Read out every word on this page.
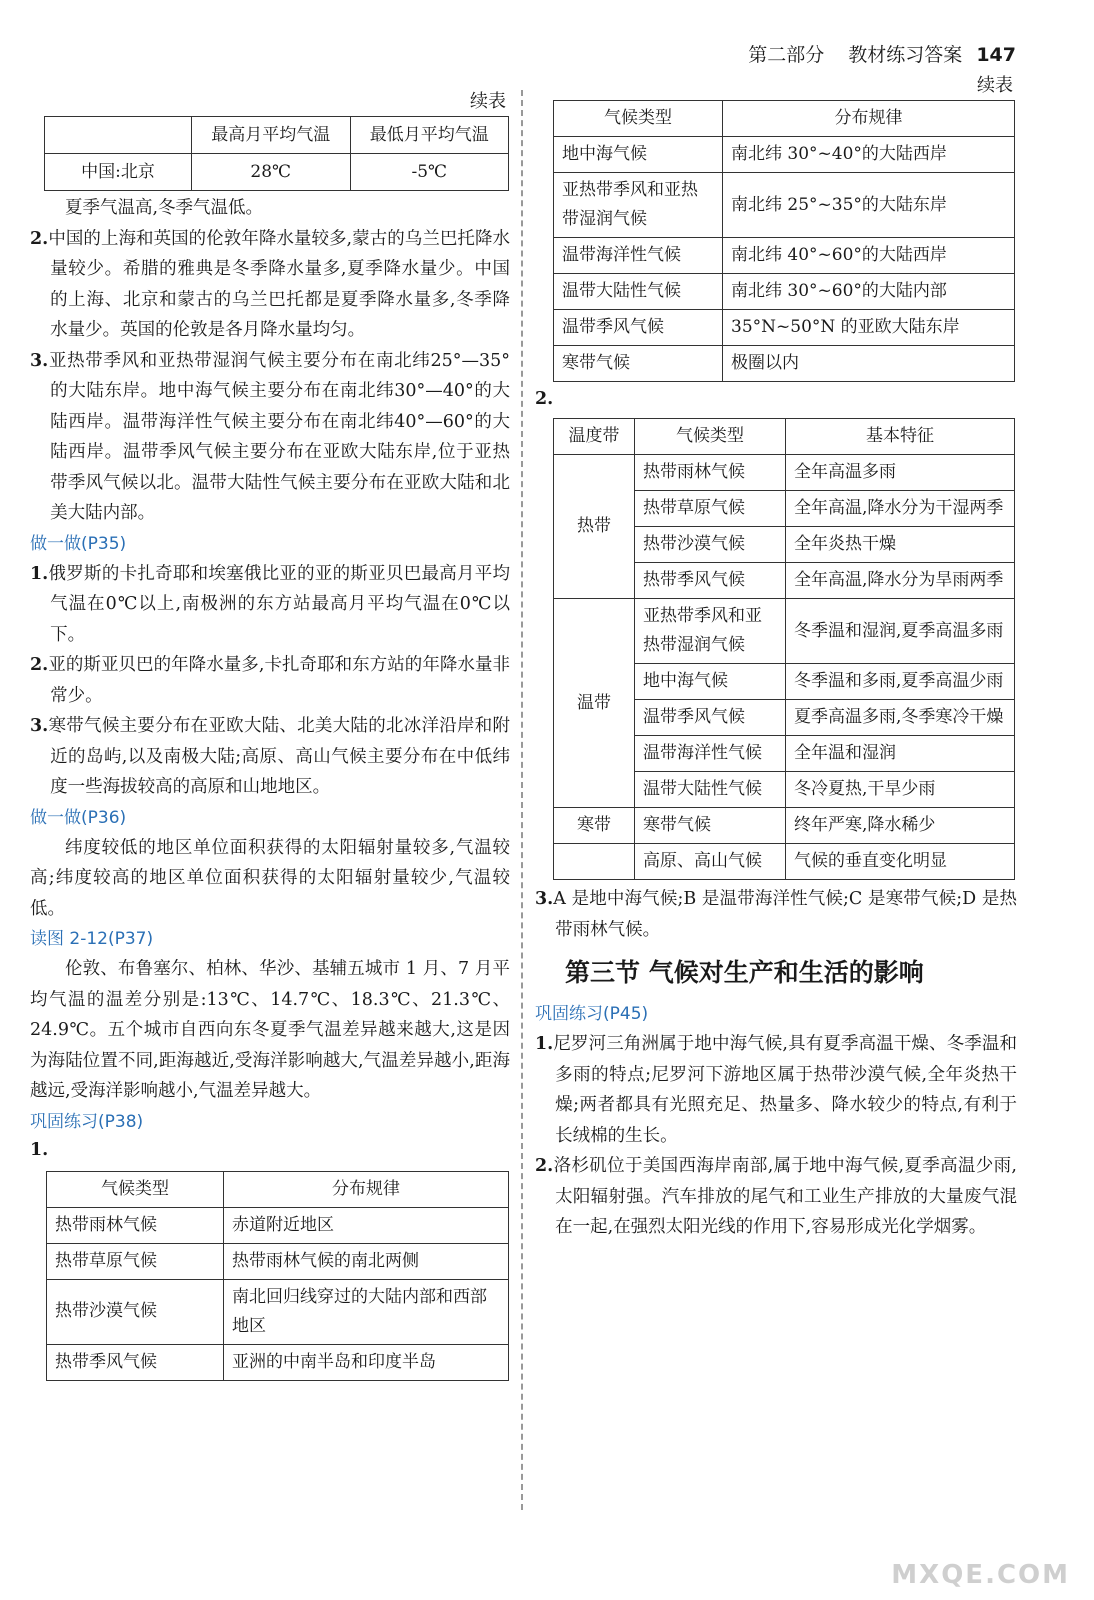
第二部分 教材练习答案 147
续表
	最高月平均气温	最低月平均气温
中国:北京	28℃	-5℃

夏季气温高,冬季气温低。

2.中国的上海和英国的伦敦年降水量较多,蒙古的乌兰巴托降水量较少。希腊的雅典是冬季降水量多,夏季降水量少。中国的上海、北京和蒙古的乌兰巴托都是夏季降水量多,冬季降水量少。英国的伦敦是各月降水量均匀。

3.亚热带季风和亚热带湿润气候主要分布在南北纬25°—35°的大陆东岸。地中海气候主要分布在南北纬30°—40°的大陆西岸。温带海洋性气候主要分布在南北纬40°—60°的大陆西岸。温带季风气候主要分布在亚欧大陆东岸,位于亚热带季风气候以北。温带大陆性气候主要分布在亚欧大陆和北美大陆内部。

做一做(P35)

1.俄罗斯的卡扎奇耶和埃塞俄比亚的亚的斯亚贝巴最高月平均气温在0℃以上,南极洲的东方站最高月平均气温在0℃以下。

2.亚的斯亚贝巴的年降水量多,卡扎奇耶和东方站的年降水量非常少。

3.寒带气候主要分布在亚欧大陆、北美大陆的北冰洋沿岸和附近的岛屿,以及南极大陆;高原、高山气候主要分布在中低纬度一些海拔较高的高原和山地地区。

做一做(P36)

纬度较低的地区单位面积获得的太阳辐射量较多,气温较高;纬度较高的地区单位面积获得的太阳辐射量较少,气温较低。

读图 2-12(P37)

伦敦、布鲁塞尔、柏林、华沙、基辅五城市 1 月、7 月平均气温的温差分别是:13℃、14.7℃、18.3℃、21.3℃、24.9℃。五个城市自西向东冬夏季气温差异越来越大,这是因为海陆位置不同,距海越近,受海洋影响越大,气温差异越小,距海越远,受海洋影响越小,气温差异越大。

巩固练习(P38)
1.
气候类型	分布规律
热带雨林气候	赤道附近地区
热带草原气候	热带雨林气候的南北两侧
热带沙漠气候	南北回归线穿过的大陆内部和西部地区
热带季风气候	亚洲的中南半岛和印度半岛
续表
气候类型	分布规律
地中海气候	南北纬 30°~40°的大陆西岸
亚热带季风和亚热带湿润气候	南北纬 25°~35°的大陆东岸
温带海洋性气候	南北纬 40°~60°的大陆西岸
温带大陆性气候	南北纬 30°~60°的大陆内部
温带季风气候	35°N~50°N 的亚欧大陆东岸
寒带气候	极圈以内
2.
温度带	气候类型	基本特征
热带	热带雨林气候	全年高温多雨
	热带草原气候	全年高温,降水分为干湿两季
	热带沙漠气候	全年炎热干燥
	热带季风气候	全年高温,降水分为旱雨两季
温带	亚热带季风和亚热带湿润气候	冬季温和湿润,夏季高温多雨
	地中海气候	冬季温和多雨,夏季高温少雨
	温带季风气候	夏季高温多雨,冬季寒冷干燥
	温带海洋性气候	全年温和湿润
	温带大陆性气候	冬冷夏热,干旱少雨
寒带	寒带气候	终年严寒,降水稀少
	高原、高山气候	气候的垂直变化明显

3.A 是地中海气候;B 是温带海洋性气候;C 是寒带气候;D 是热带雨林气候。

第三节 气候对生产和生活的影响
巩固练习(P45)

1.尼罗河三角洲属于地中海气候,具有夏季高温干燥、冬季温和多雨的特点;尼罗河下游地区属于热带沙漠气候,全年炎热干燥;两者都具有光照充足、热量多、降水较少的特点,有利于长绒棉的生长。

2.洛杉矶位于美国西海岸南部,属于地中海气候,夏季高温少雨,太阳辐射强。汽车排放的尾气和工业生产排放的大量废气混在一起,在强烈太阳光线的作用下,容易形成光化学烟雾。

MXQE.COM
